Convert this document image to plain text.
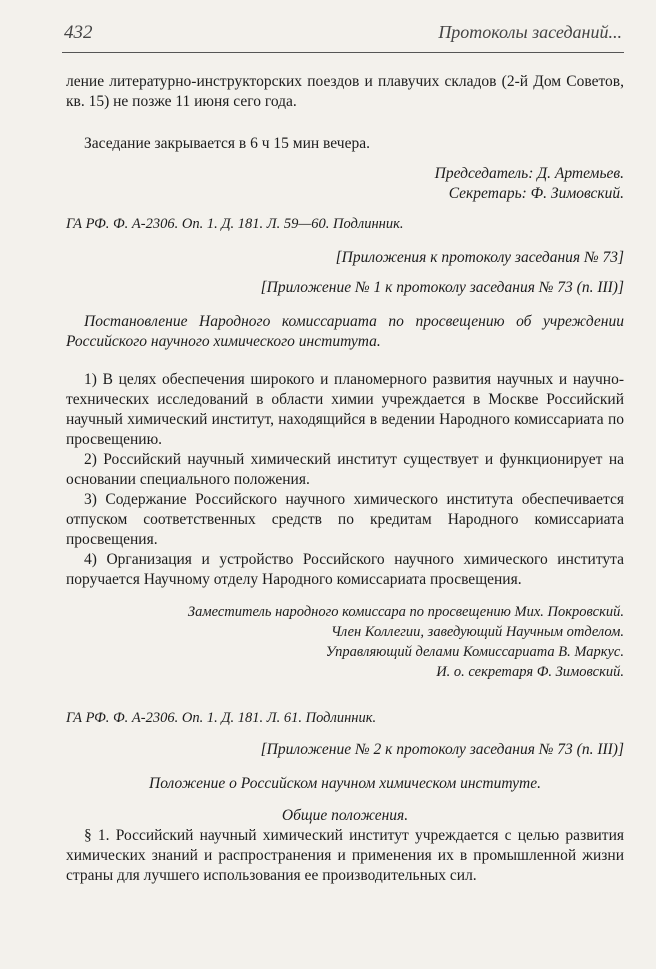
432	Протоколы заседаний...

ление литературно-инструкторских поездов и плавучих складов (2-й Дом Советов, кв. 15) не позже 11 июня сего года.

Заседание закрывается в 6 ч 15 мин вечера.

Председатель: Д. Артемьев.

Секретарь: Ф. Зимовский.

ГА РФ. Ф. А-2306. Оп. 1. Д. 181. Л. 59—60. Подлинник.

[Приложения к протоколу заседания № 73]

[Приложение № 1 к протоколу заседания № 73 (п. III)]

Постановление Народного комиссариата по просвещению об учреждении Российского научного химического института.

1) В целях обеспечения широкого и планомерного развития научных и научно-технических исследований в области химии учреждается в Москве Российский научный химический институт, находящийся в ведении Народного комиссариата по просвещению.

2) Российский научный химический институт существует и функционирует на основании специального положения.

3) Содержание Российского научного химического института обеспечивается отпуском соответственных средств по кредитам Народного комиссариата просвещения.

4) Организация и устройство Российского научного химического института поручается Научному отделу Народного комиссариата просвещения.

Заместитель народного комиссара по просвещению Мих. Покровский.

Член Коллегии, заведующий Научным отделом.

Управляющий делами Комиссариата В. Маркус.

И. о. секретаря Ф. Зимовский.

ГА РФ. Ф. А-2306. Оп. 1. Д. 181. Л. 61. Подлинник.

[Приложение № 2 к протоколу заседания № 73 (п. III)]

Положение о Российском научном химическом институте.

Общие положения.

§ 1. Российский научный химический институт учреждается с целью развития химических знаний и распространения и применения их в промышленной жизни страны для лучшего использования ее производительных сил.
